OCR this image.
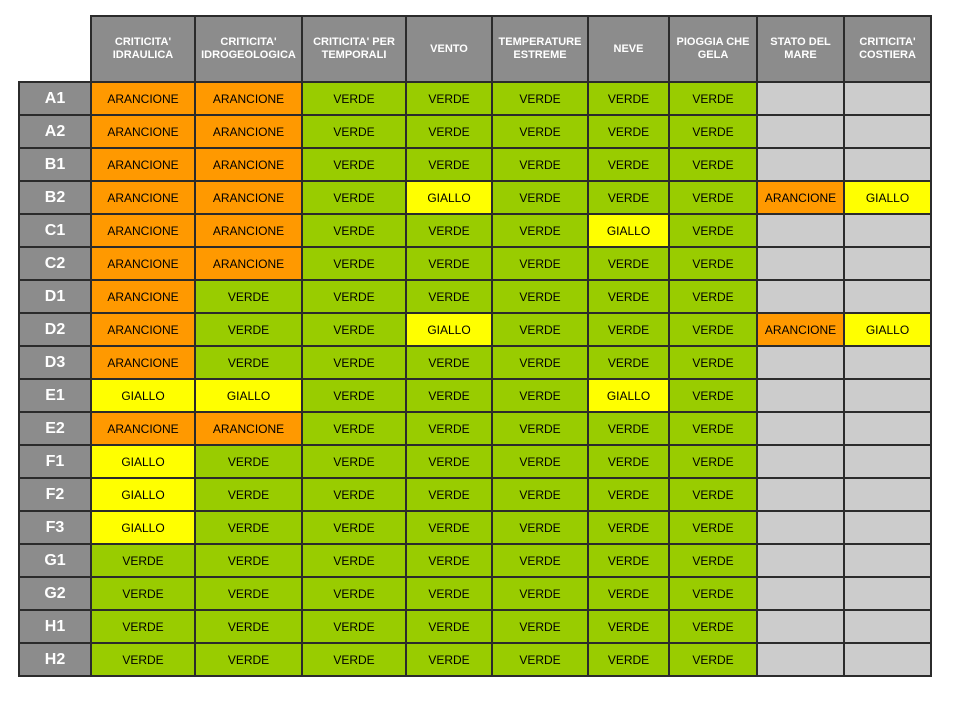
	CRITICITA' IDRAULICA	CRITICITA' IDROGEOLOGICA	CRITICITA' PER TEMPORALI	VENTO	TEMPERATURE ESTREME	NEVE	PIOGGIA CHE GELA	STATO DEL MARE	CRITICITA' COSTIERA
A1	ARANCIONE	ARANCIONE	VERDE	VERDE	VERDE	VERDE	VERDE		
A2	ARANCIONE	ARANCIONE	VERDE	VERDE	VERDE	VERDE	VERDE		
B1	ARANCIONE	ARANCIONE	VERDE	VERDE	VERDE	VERDE	VERDE		
B2	ARANCIONE	ARANCIONE	VERDE	GIALLO	VERDE	VERDE	VERDE	ARANCIONE	GIALLO
C1	ARANCIONE	ARANCIONE	VERDE	VERDE	VERDE	GIALLO	VERDE		
C2	ARANCIONE	ARANCIONE	VERDE	VERDE	VERDE	VERDE	VERDE		
D1	ARANCIONE	VERDE	VERDE	VERDE	VERDE	VERDE	VERDE		
D2	ARANCIONE	VERDE	VERDE	GIALLO	VERDE	VERDE	VERDE	ARANCIONE	GIALLO
D3	ARANCIONE	VERDE	VERDE	VERDE	VERDE	VERDE	VERDE		
E1	GIALLO	GIALLO	VERDE	VERDE	VERDE	GIALLO	VERDE		
E2	ARANCIONE	ARANCIONE	VERDE	VERDE	VERDE	VERDE	VERDE		
F1	GIALLO	VERDE	VERDE	VERDE	VERDE	VERDE	VERDE		
F2	GIALLO	VERDE	VERDE	VERDE	VERDE	VERDE	VERDE		
F3	GIALLO	VERDE	VERDE	VERDE	VERDE	VERDE	VERDE		
G1	VERDE	VERDE	VERDE	VERDE	VERDE	VERDE	VERDE		
G2	VERDE	VERDE	VERDE	VERDE	VERDE	VERDE	VERDE		
H1	VERDE	VERDE	VERDE	VERDE	VERDE	VERDE	VERDE		
H2	VERDE	VERDE	VERDE	VERDE	VERDE	VERDE	VERDE		
